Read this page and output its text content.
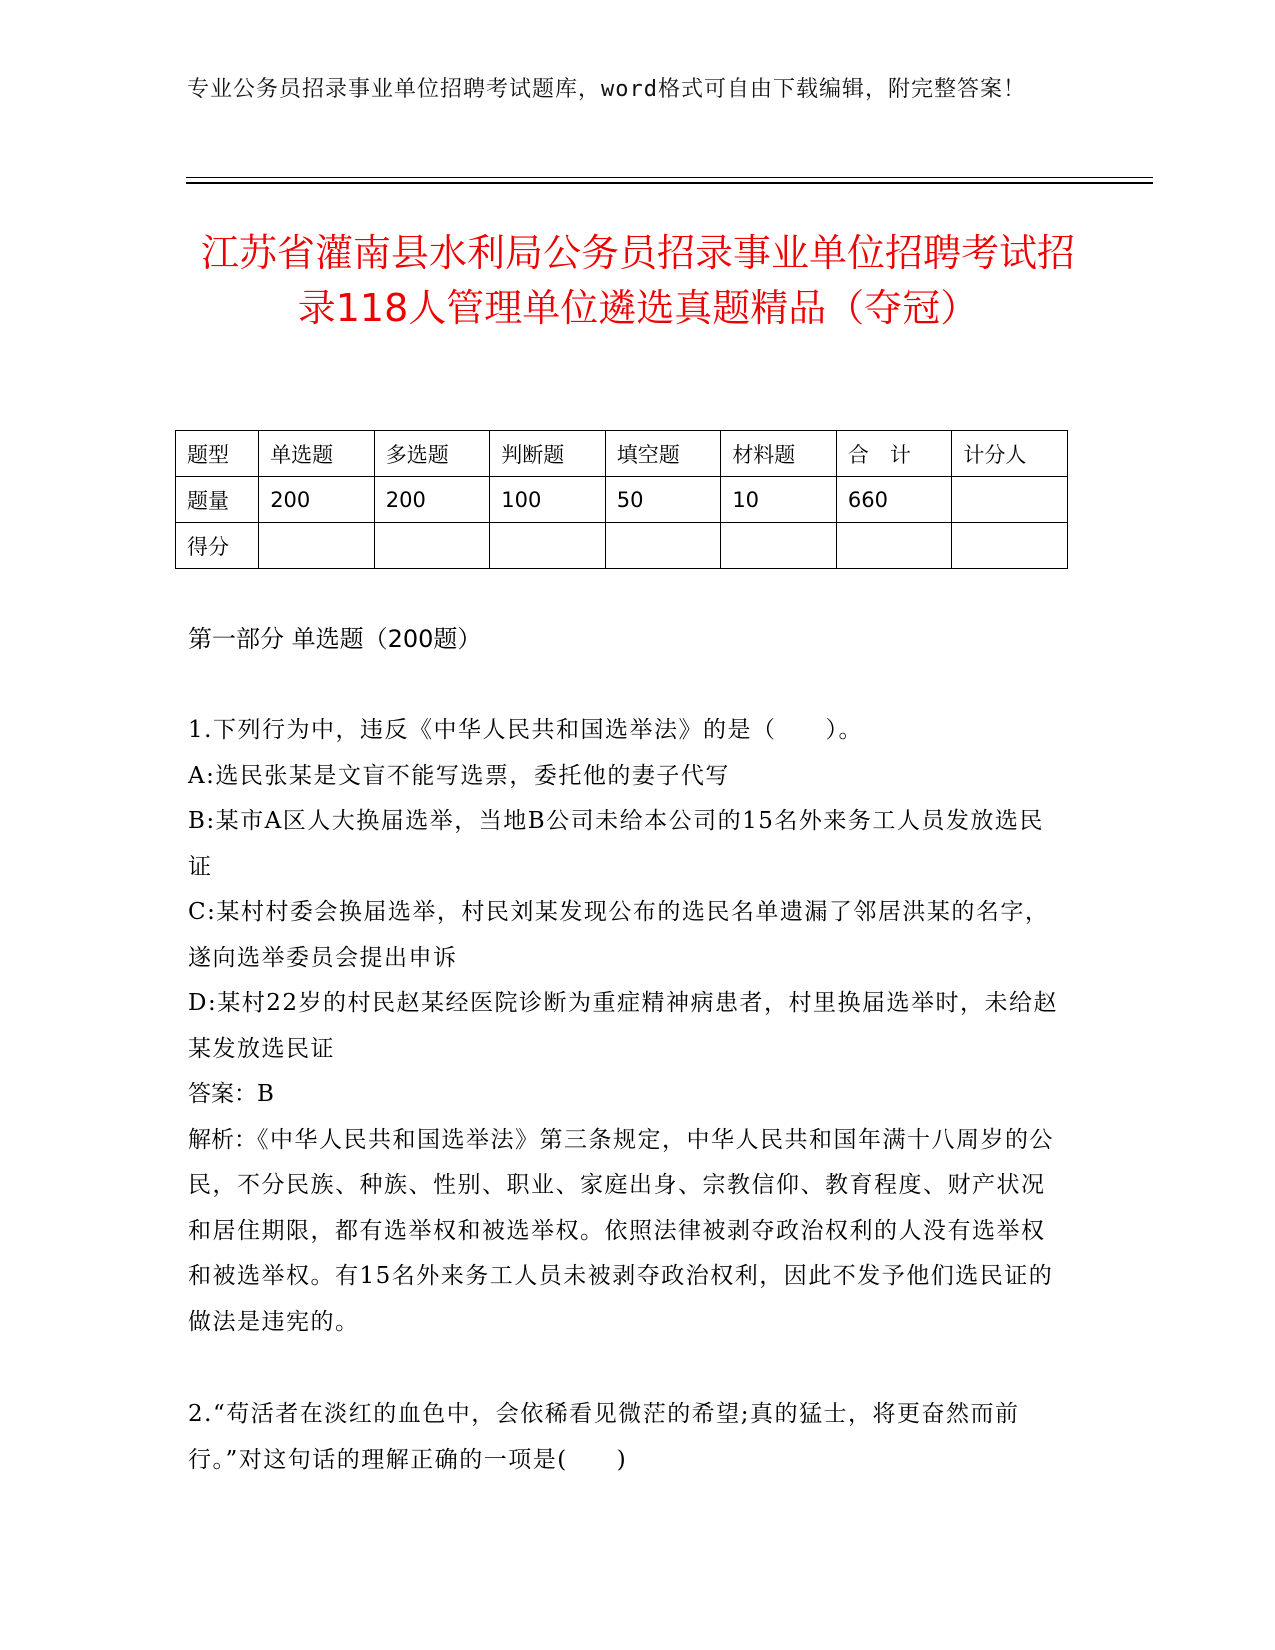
专业公务员招录事业单位招聘考试题库，word格式可自由下载编辑，附完整答案！
江苏省灌南县水利局公务员招录事业单位招聘考试招录118人管理单位遴选真题精品（夺冠）
题型	单选题	多选题	判断题	填空题	材料题	合　计	计分人
题量	200	200	100	50	10	660	
得分							
第一部分 单选题（200题）

1.下列行为中，违反《中华人民共和国选举法》的是（　　）。

A:选民张某是文盲不能写选票，委托他的妻子代写

B:某市A区人大换届选举，当地B公司未给本公司的15名外来务工人员发放选民证

C:某村村委会换届选举，村民刘某发现公布的选民名单遗漏了邻居洪某的名字，遂向选举委员会提出申诉

D:某村22岁的村民赵某经医院诊断为重症精神病患者，村里换届选举时，未给赵某发放选民证

答案：B

解析：《中华人民共和国选举法》第三条规定，中华人民共和国年满十八周岁的公民，不分民族、种族、性别、职业、家庭出身、宗教信仰、教育程度、财产状况和居住期限，都有选举权和被选举权。依照法律被剥夺政治权利的人没有选举权和被选举权。有15名外来务工人员未被剥夺政治权利，因此不发予他们选民证的做法是违宪的。

2.“苟活者在淡红的血色中，会依稀看见微茫的希望;真的猛士，将更奋然而前行。”对这句话的理解正确的一项是(　　)
